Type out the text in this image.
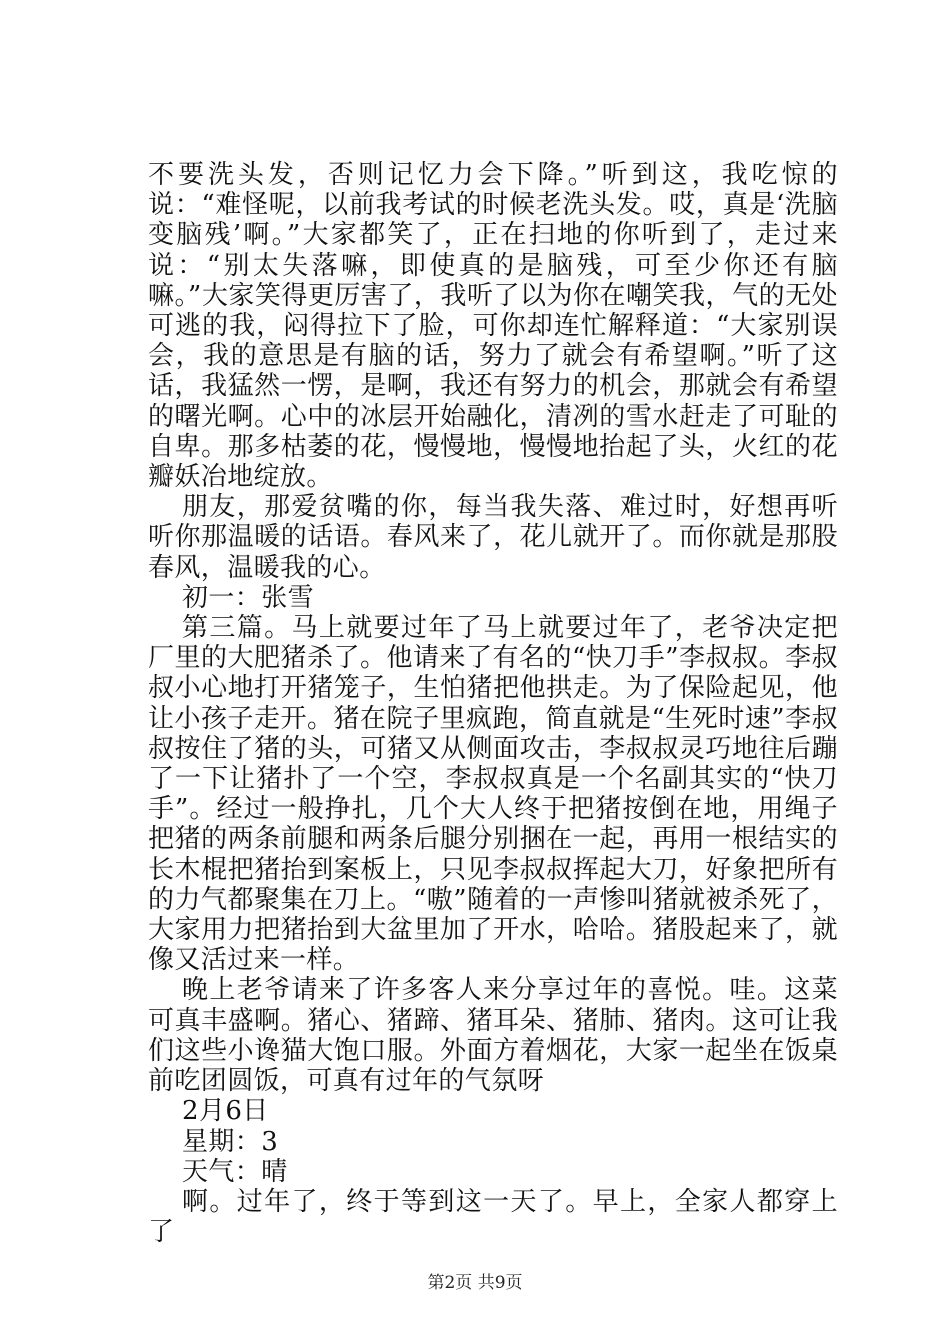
不要洗头发，否则记忆力会下降。”听到这，我吃惊的说：“难怪呢，以前我考试的时候老洗头发。哎，真是‘洗脑变脑残’啊。”大家都笑了，正在扫地的你听到了，走过来说：“别太失落嘛，即使真的是脑残，可至少你还有脑嘛。”大家笑得更厉害了，我听了以为你在嘲笑我，气的无处可逃的我，闷得拉下了脸，可你却连忙解释道：“大家别误会，我的意思是有脑的话，努力了就会有希望啊。”听了这话，我猛然一愣，是啊，我还有努力的机会，那就会有希望的曙光啊。心中的冰层开始融化，清冽的雪水赶走了可耻的自卑。那多枯萎的花，慢慢地，慢慢地抬起了头，火红的花瓣妖冶地绽放。

朋友，那爱贫嘴的你，每当我失落、难过时，好想再听听你那温暖的话语。春风来了，花儿就开了。而你就是那股春风，温暖我的心。

初一：张雪

第三篇。马上就要过年了马上就要过年了，老爷决定把厂里的大肥猪杀了。他请来了有名的“快刀手”李叔叔。李叔叔小心地打开猪笼子，生怕猪把他拱走。为了保险起见，他让小孩子走开。猪在院子里疯跑，简直就是“生死时速”李叔叔按住了猪的头，可猪又从侧面攻击，李叔叔灵巧地往后蹦了一下让猪扑了一个空，李叔叔真是一个名副其实的“快刀手”。经过一般挣扎，几个大人终于把猪按倒在地，用绳子把猪的两条前腿和两条后腿分别捆在一起，再用一根结实的长木棍把猪抬到案板上，只见李叔叔挥起大刀，好象把所有的力气都聚集在刀上。“嗷”随着的一声惨叫猪就被杀死了，大家用力把猪抬到大盆里加了开水，哈哈。猪股起来了，就像又活过来一样。

晚上老爷请来了许多客人来分享过年的喜悦。哇。这菜可真丰盛啊。猪心、猪蹄、猪耳朵、猪肺、猪肉。这可让我们这些小谗猫大饱口服。外面方着烟花，大家一起坐在饭桌前吃团圆饭，可真有过年的气氛呀

2月6日

星期：3

天气：晴

啊。过年了，终于等到这一天了。早上，全家人都穿上了

第2页 共9页
